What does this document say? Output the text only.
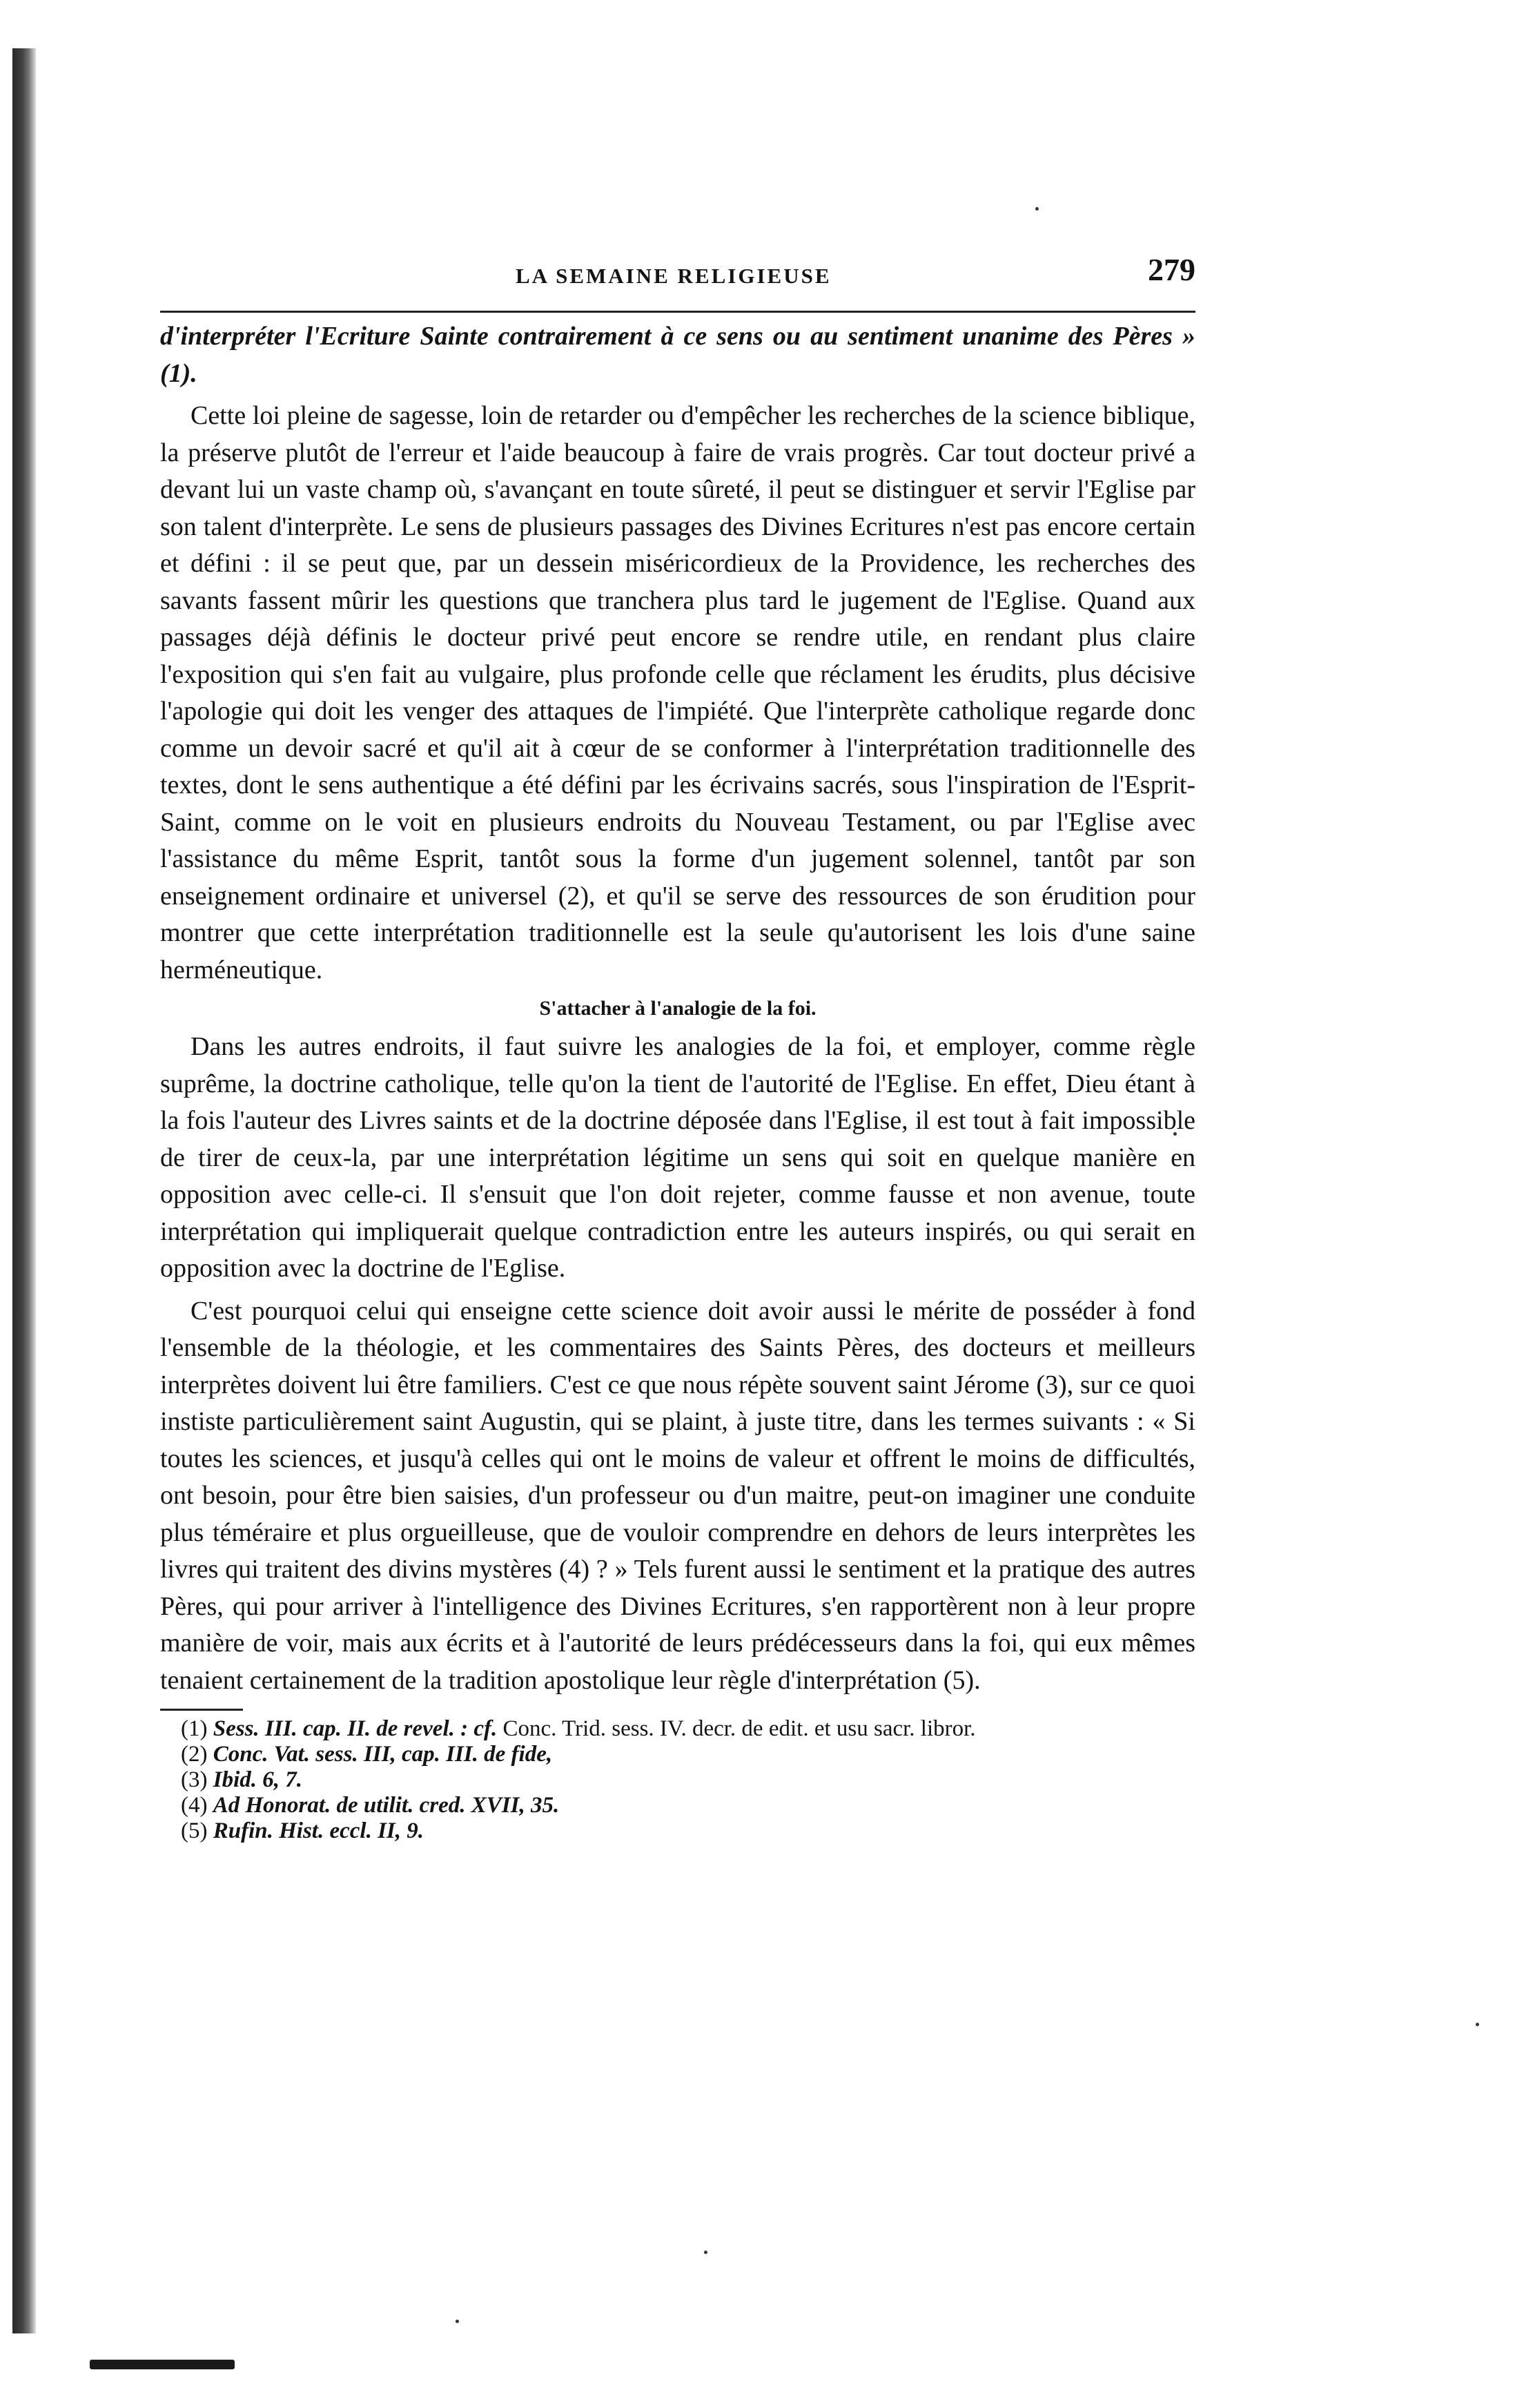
LA SEMAINE RELIGIEUSE	279

d'interpréter l'Ecriture Sainte contrairement à ce sens ou au sentiment unanime des Pères » (1).

Cette loi pleine de sagesse, loin de retarder ou d'empêcher les recherches de la science biblique, la préserve plutôt de l'erreur et l'aide beaucoup à faire de vrais progrès. Car tout docteur privé a devant lui un vaste champ où, s'avançant en toute sûreté, il peut se distinguer et servir l'Eglise par son talent d'interprète. Le sens de plusieurs passages des Divines Ecritures n'est pas encore certain et défini : il se peut que, par un dessein miséricordieux de la Providence, les recherches des savants fassent mûrir les questions que tranchera plus tard le jugement de l'Eglise. Quand aux passages déjà définis le docteur privé peut encore se rendre utile, en rendant plus claire l'exposition qui s'en fait au vulgaire, plus profonde celle que réclament les érudits, plus décisive l'apologie qui doit les venger des attaques de l'impiété. Que l'interprète catholique regarde donc comme un devoir sacré et qu'il ait à cœur de se conformer à l'interprétation traditionnelle des textes, dont le sens authentique a été défini par les écrivains sacrés, sous l'inspiration de l'Esprit-Saint, comme on le voit en plusieurs endroits du Nouveau Testament, ou par l'Eglise avec l'assistance du même Esprit, tantôt sous la forme d'un jugement solennel, tantôt par son enseignement ordinaire et universel (2), et qu'il se serve des ressources de son érudition pour montrer que cette interprétation traditionnelle est la seule qu'autorisent les lois d'une saine herméneutique.

S'attacher à l'analogie de la foi.

Dans les autres endroits, il faut suivre les analogies de la foi, et employer, comme règle suprême, la doctrine catholique, telle qu'on la tient de l'autorité de l'Eglise. En effet, Dieu étant à la fois l'auteur des Livres saints et de la doctrine déposée dans l'Eglise, il est tout à fait impossible de tirer de ceux-la, par une interprétation légitime un sens qui soit en quelque manière en opposition avec celle-ci. Il s'ensuit que l'on doit rejeter, comme fausse et non avenue, toute interprétation qui impliquerait quelque contradiction entre les auteurs inspirés, ou qui serait en opposition avec la doctrine de l'Eglise.

C'est pourquoi celui qui enseigne cette science doit avoir aussi le mérite de posséder à fond l'ensemble de la théologie, et les commentaires des Saints Pères, des docteurs et meilleurs interprètes doivent lui être familiers. C'est ce que nous répète souvent saint Jérome (3), sur ce quoi instiste particulièrement saint Augustin, qui se plaint, à juste titre, dans les termes suivants : « Si toutes les sciences, et jusqu'à celles qui ont le moins de valeur et offrent le moins de difficultés, ont besoin, pour être bien saisies, d'un professeur ou d'un maitre, peut-on imaginer une conduite plus téméraire et plus orgueilleuse, que de vouloir comprendre en dehors de leurs interprètes les livres qui traitent des divins mystères (4) ? » Tels furent aussi le sentiment et la pratique des autres Pères, qui pour arriver à l'intelligence des Divines Ecritures, s'en rapportèrent non à leur propre manière de voir, mais aux écrits et à l'autorité de leurs prédécesseurs dans la foi, qui eux mêmes tenaient certainement de la tradition apostolique leur règle d'interprétation (5).

(1) Sess. III. cap. II. de revel. : cf. Conc. Trid. sess. IV. decr. de edit. et usu sacr. libror.
(2) Conc. Vat. sess. III, cap. III. de fide,
(3) Ibid. 6, 7.
(4) Ad Honorat. de utilit. cred. XVII, 35.
(5) Rufin. Hist. eccl. II, 9.
